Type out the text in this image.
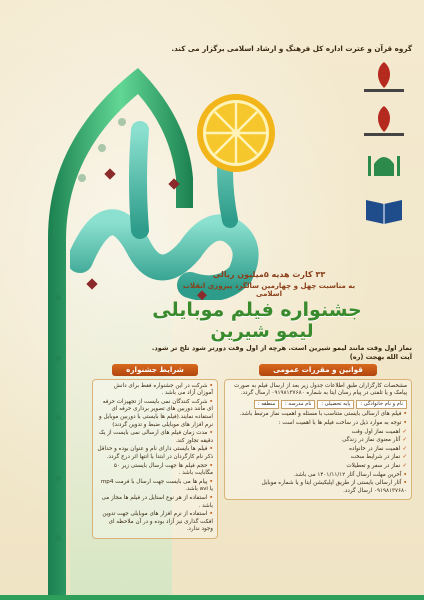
گروه قرآن و عترت اداره کل فرهنگ و ارشاد اسلامی برگزار می کند.
۳۳ کارت هدیه ۵میلیون ریالی
به مناسبت چهل و چهارمین سالگرد پیروزی انقلاب اسلامی
جشنواره فیلم موبایلی
لیمو شیرین
نماز اول وقت مانند لیمو شیرین است. هرچه از اول وقت دورتر شود تلخ تر شود.
آیت الله بهجت (ره)
شرایط جشنواره
•شرکت در این جشنواره فقط برای دانش آموزان آزاد می باشد .
•شرکت کنندگان نمی بایست از تجهیزات حرفه ای مانند دوربین های تصویر برداری حرفه ای استفاده نمایند.(فیلم ها بایستی با دوربین موبایل و نرم افزار های موبایلی ضبط و تدوین گردند)
•مدت زمان فیلم های ارسالی نمی بایست از یک دقیقه تجاوز کند.
•فیلم ها بایستی دارای نام و عنوان بوده و حداقل ذکر نام کارگردان در ابتدا یا انتها اثر درج گردد.
•حجم فیلم ها جهت ارسال بایستی زیر ۵۰ مگابایت باشد .
•پیام ها می بایست جهت ارسال با فرمت mp4 یا avi باشد.
•استفاده از هر نوع استایل در فیلم ها مجاز می باشد .
•استفاده از نرم افزار های موبایلی جهت تدوین افکت گذاری نیز آزاد بوده و در آن ملاحظه ای وجود ندارد.
قوانین و مقررات عمومی
مشخصات کارگزاران طبق اطلاعات جدول زیر بعد از ارسال فیلم به صورت پیامک و یا تلفنی در پیام رسان ایتا به شماره ۰۹۱۹۸۱۳۷۶۸۰ ارسال گردد.
نام و نام خانوادگی : پایه تحصیلی : نام مدرسه : منطقه :
•فیلم های ارسالی بایستی متناسب با مسئله و اهمیت نماز مرتبط باشد.
•توجه به موارد ذیل در ساخت فیلم ها با اهمیت است :
✓اهمیت نماز اول وقت
✓آثار معنوی نماز در زندگی
✓اهمیت نماز در خانواده
✓نماز در شرایط سخت
✓نماز در سفر و تعطیلات
•آخرین مهلت ارسال آثار ۱۴۰۱/۱۱/۱۲ می باشد.
•آثار ارسالی بایستی از طریق اپلیکیشن ایتا و یا شماره موبایل ۰۹۱۹۸۱۳۷۶۸۰ ارسال گردد.
